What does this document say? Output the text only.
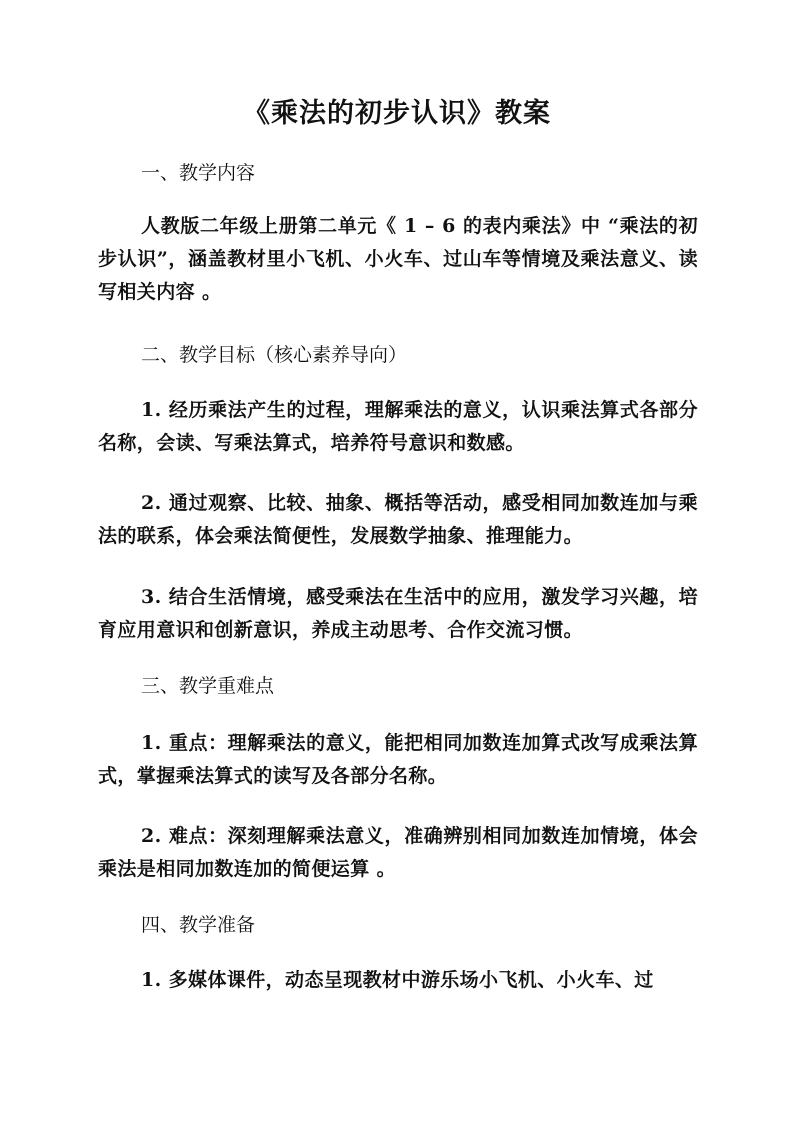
《乘法的初步认识》教案
一、教学内容
人教版二年级上册第二单元《 1 – 6 的表内乘法》中 “乘法的初步认识”，涵盖教材里小飞机、小火车、过山车等情境及乘法意义、读写相关内容 。
二、教学目标（核心素养导向）
1. 经历乘法产生的过程，理解乘法的意义，认识乘法算式各部分名称，会读、写乘法算式，培养符号意识和数感。
2. 通过观察、比较、抽象、概括等活动，感受相同加数连加与乘法的联系，体会乘法简便性，发展数学抽象、推理能力。
3. 结合生活情境，感受乘法在生活中的应用，激发学习兴趣，培育应用意识和创新意识，养成主动思考、合作交流习惯。
三、教学重难点
1. 重点：理解乘法的意义，能把相同加数连加算式改写成乘法算式，掌握乘法算式的读写及各部分名称。
2. 难点：深刻理解乘法意义，准确辨别相同加数连加情境，体会乘法是相同加数连加的简便运算 。
四、教学准备
1. 多媒体课件，动态呈现教材中游乐场小飞机、小火车、过
